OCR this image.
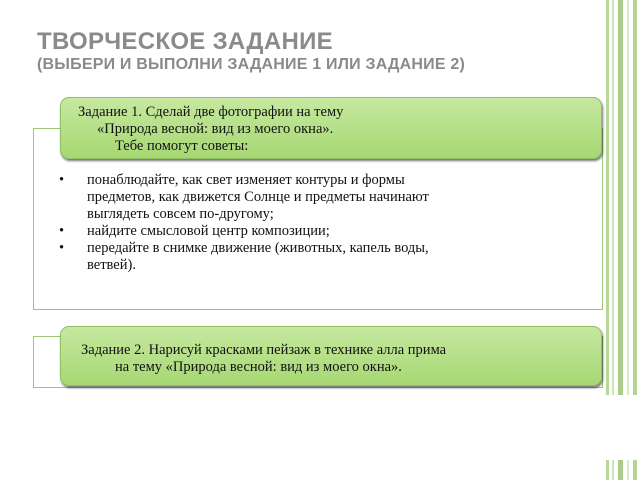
ТВОРЧЕСКОЕ ЗАДАНИЕ
(ВЫБЕРИ И ВЫПОЛНИ ЗАДАНИЕ 1 ИЛИ ЗАДАНИЕ 2)
Задание 1. Сделай две фотографии на тему
«Природа весной: вид из моего окна».
Тебе помогут советы:
• понаблюдайте, как свет изменяет контуры и формы
предметов, как движется Солнце и предметы начинают
выглядеть совсем по-другому;
• найдите смысловой центр композиции;
• передайте в снимке движение (животных, капель воды,
ветвей).
Задание 2. Нарисуй красками пейзаж в технике алла прима
на тему «Природа весной: вид из моего окна».
